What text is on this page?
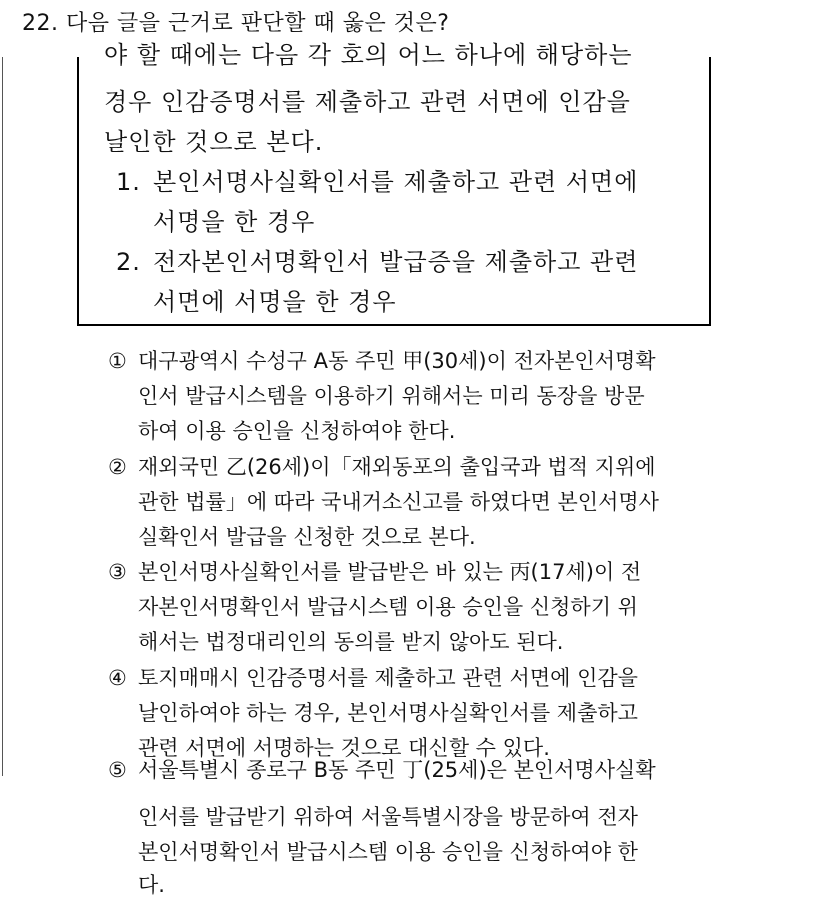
22. 다음 글을 근거로 판단할 때 옳은 것은?
야 할 때에는 다음 각 호의 어느 하나에 해당하는
경우 인감증명서를 제출하고 관련 서면에 인감을
날인한 것으로 본다.
1. 본인서명사실확인서를 제출하고 관련 서면에
서명을 한 경우
2. 전자본인서명확인서 발급증을 제출하고 관련
서면에 서명을 한 경우
① 대구광역시 수성구 A동 주민 甲(30세)이 전자본인서명확
인서 발급시스템을 이용하기 위해서는 미리 동장을 방문
하여 이용 승인을 신청하여야 한다.
② 재외국민 乙(26세)이「재외동포의 출입국과 법적 지위에
관한 법률」에 따라 국내거소신고를 하였다면 본인서명사
실확인서 발급을 신청한 것으로 본다.
③ 본인서명사실확인서를 발급받은 바 있는 丙(17세)이 전
자본인서명확인서 발급시스템 이용 승인을 신청하기 위
해서는 법정대리인의 동의를 받지 않아도 된다.
④ 토지매매시 인감증명서를 제출하고 관련 서면에 인감을
날인하여야 하는 경우, 본인서명사실확인서를 제출하고
관련 서면에 서명하는 것으로 대신할 수 있다.
⑤ 서울특별시 종로구 B동 주민 丁(25세)은 본인서명사실확
인서를 발급받기 위하여 서울특별시장을 방문하여 전자
본인서명확인서 발급시스템 이용 승인을 신청하여야 한
다.
